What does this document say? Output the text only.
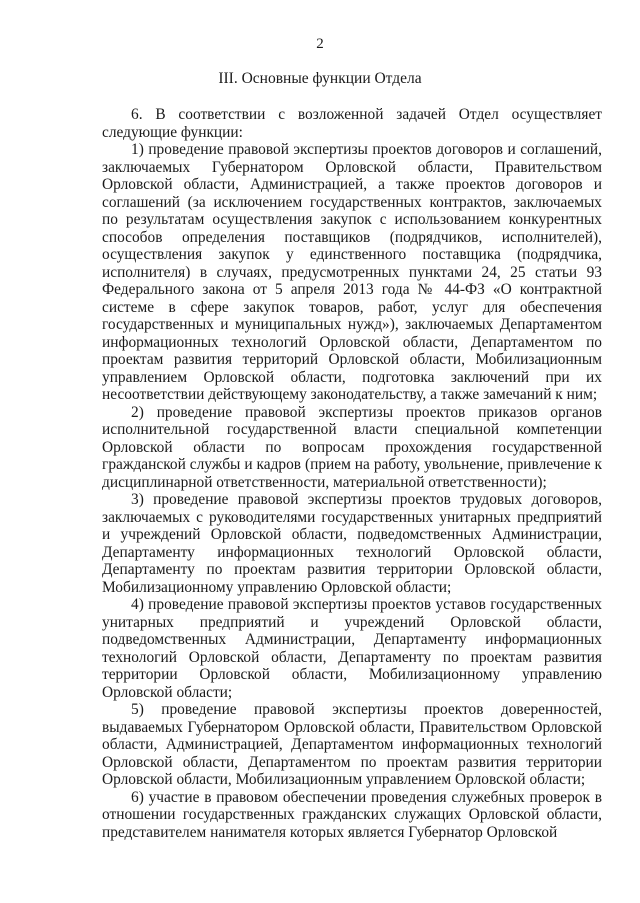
2
III. Основные функции Отдела

6. В соответствии с возложенной задачей Отдел осуществляет следующие функции:

1) проведение правовой экспертизы проектов договоров и соглашений, заключаемых Губернатором Орловской области, Правительством Орловской области, Администрацией, а также проектов договоров и соглашений (за исключением государственных контрактов, заключаемых по результатам осуществления закупок с использованием конкурентных способов определения поставщиков (подрядчиков, исполнителей), осуществления закупок у единственного поставщика (подрядчика, исполнителя) в случаях, предусмотренных пунктами 24, 25 статьи 93 Федерального закона от 5 апреля 2013 года № 44-ФЗ «О контрактной системе в сфере закупок товаров, работ, услуг для обеспечения государственных и муниципальных нужд»), заключаемых Департаментом информационных технологий Орловской области, Департаментом по проектам развития территорий Орловской области, Мобилизационным управлением Орловской области, подготовка заключений при их несоответствии действующему законодательству, а также замечаний к ним;

2) проведение правовой экспертизы проектов приказов органов исполнительной государственной власти специальной компетенции Орловской области по вопросам прохождения государственной гражданской службы и кадров (прием на работу, увольнение, привлечение к дисциплинарной ответственности, материальной ответственности);

3) проведение правовой экспертизы проектов трудовых договоров, заключаемых с руководителями государственных унитарных предприятий и учреждений Орловской области, подведомственных Администрации, Департаменту информационных технологий Орловской области, Департаменту по проектам развития территории Орловской области, Мобилизационному управлению Орловской области;

4) проведение правовой экспертизы проектов уставов государственных унитарных предприятий и учреждений Орловской области, подведомственных Администрации, Департаменту информационных технологий Орловской области, Департаменту по проектам развития территории Орловской области, Мобилизационному управлению Орловской области;

5) проведение правовой экспертизы проектов доверенностей, выдаваемых Губернатором Орловской области, Правительством Орловской области, Администрацией, Департаментом информационных технологий Орловской области, Департаментом по проектам развития территории Орловской области, Мобилизационным управлением Орловской области;

6) участие в правовом обеспечении проведения служебных проверок в отношении государственных гражданских служащих Орловской области, представителем нанимателя которых является Губернатор Орловской
